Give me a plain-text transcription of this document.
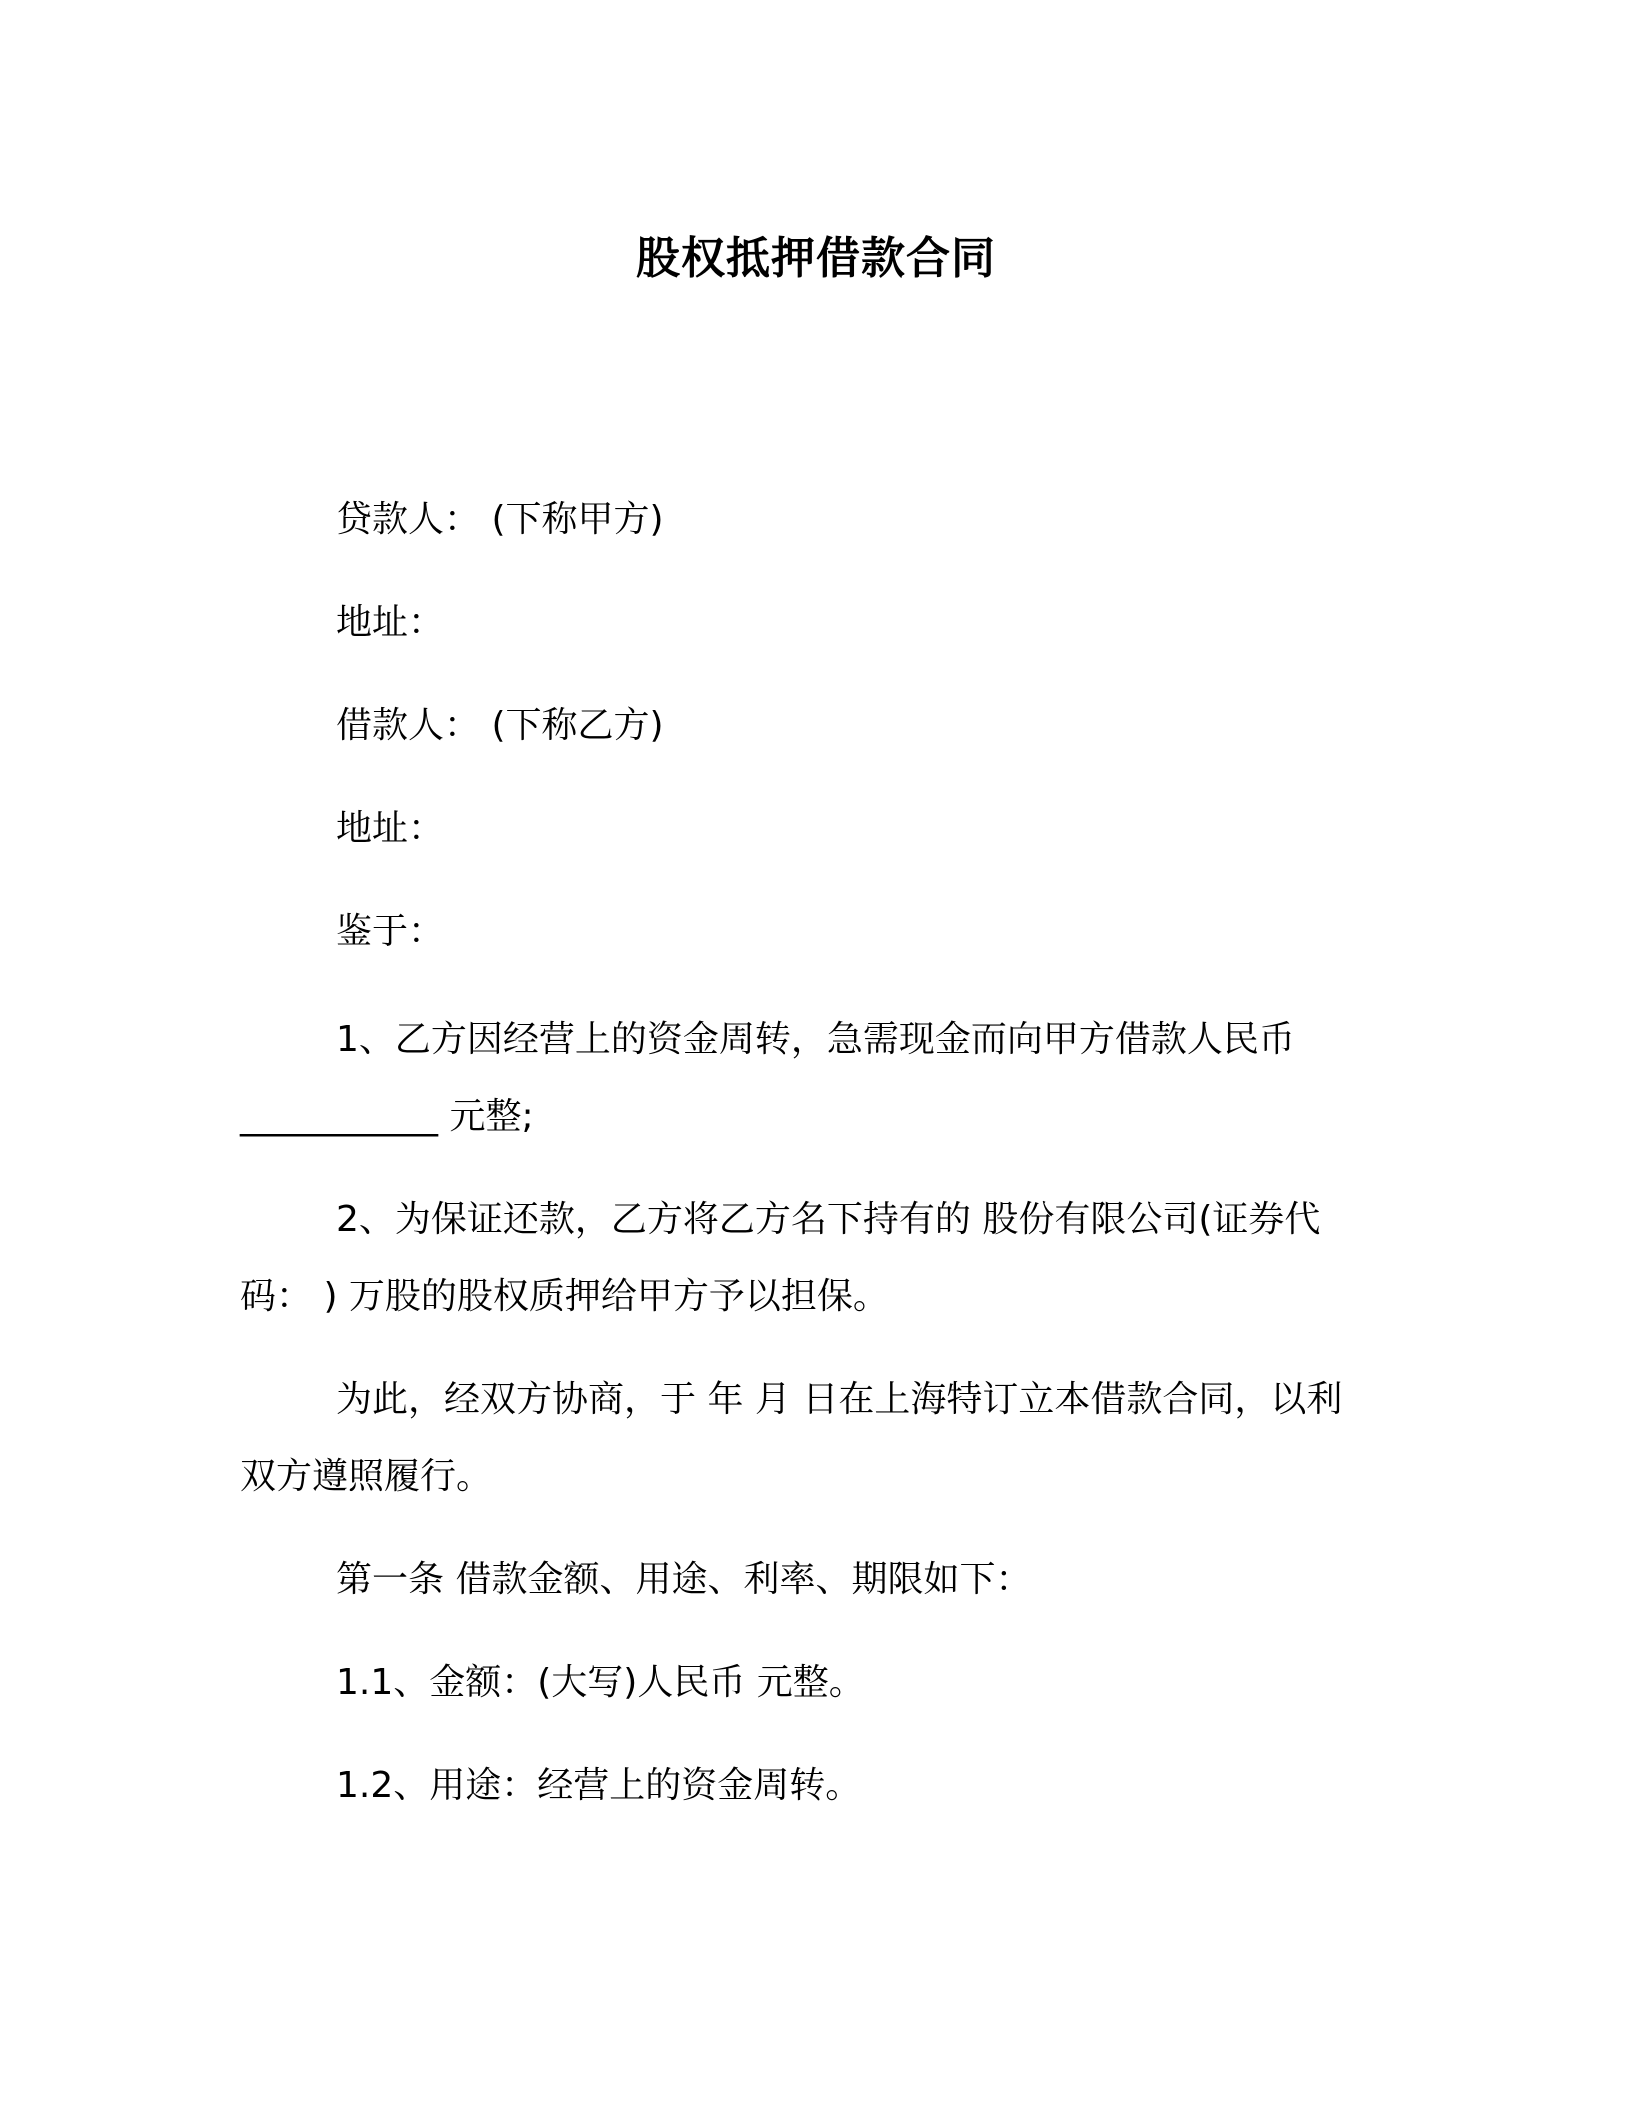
股权抵押借款合同
贷款人： (下称甲方)
地址：
借款人： (下称乙方)
地址：
鉴于：
1、乙方因经营上的资金周转，急需现金而向甲方借款人民币
___________ 元整;
2、为保证还款，乙方将乙方名下持有的 股份有限公司(证券代
码： ) 万股的股权质押给甲方予以担保。
为此，经双方协商，于 年 月 日在上海特订立本借款合同，以利
双方遵照履行。
第一条 借款金额、用途、利率、期限如下：
1.1、金额：(大写)人民币 元整。
1.2、用途：经营上的资金周转。
